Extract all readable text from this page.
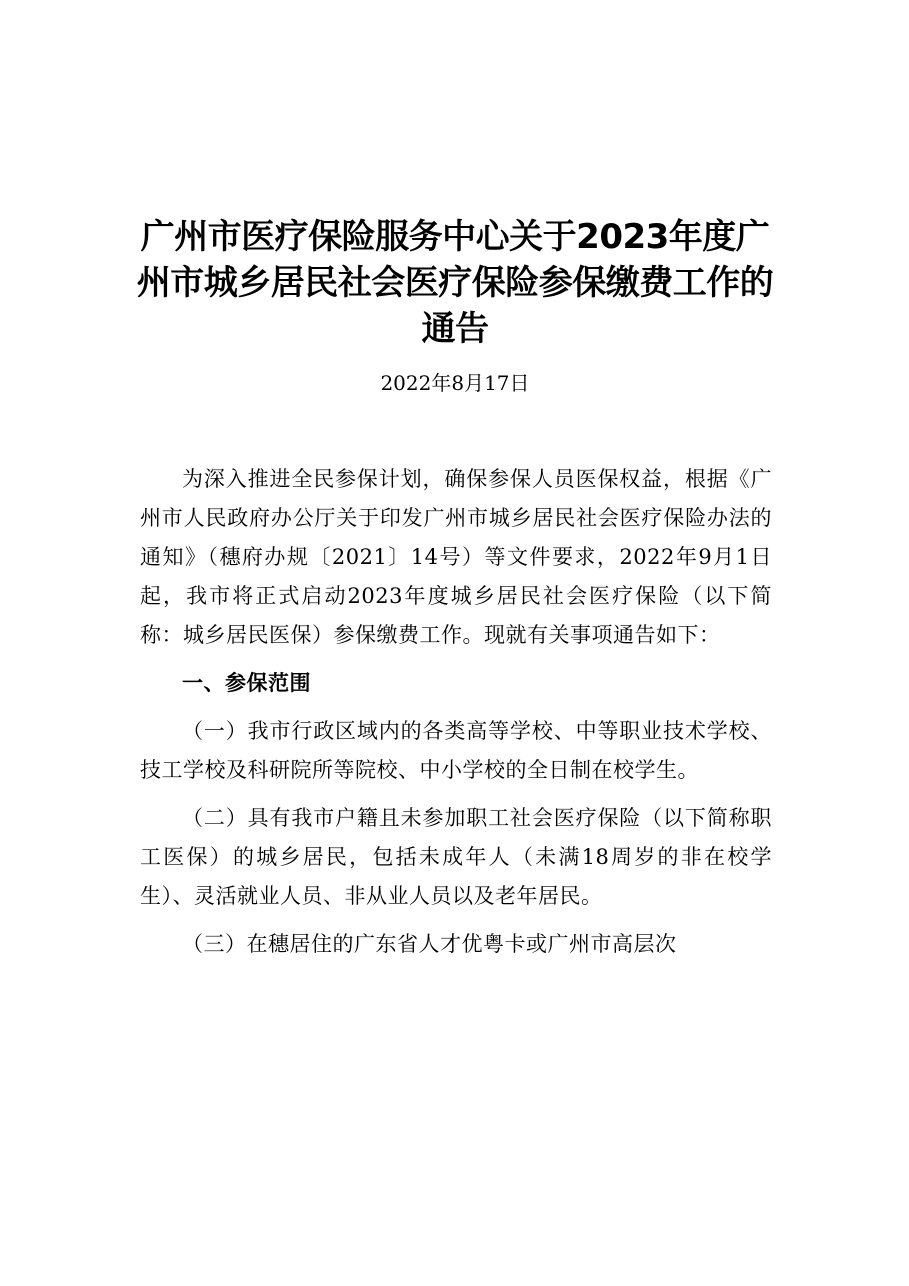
广州市医疗保险服务中心关于2023年度广州市城乡居民社会医疗保险参保缴费工作的通告
2022年8月17日

为深入推进全民参保计划，确保参保人员医保权益，根据《广州市人民政府办公厅关于印发广州市城乡居民社会医疗保险办法的通知》（穗府办规〔2021〕14号）等文件要求，2022年9月1日起，我市将正式启动2023年度城乡居民社会医疗保险（以下简称：城乡居民医保）参保缴费工作。现就有关事项通告如下：

一、参保范围

（一）我市行政区域内的各类高等学校、中等职业技术学校、技工学校及科研院所等院校、中小学校的全日制在校学生。

（二）具有我市户籍且未参加职工社会医疗保险（以下简称职工医保）的城乡居民，包括未成年人（未满18周岁的非在校学生）、灵活就业人员、非从业人员以及老年居民。

（三）在穗居住的广东省人才优粤卡或广州市高层次
